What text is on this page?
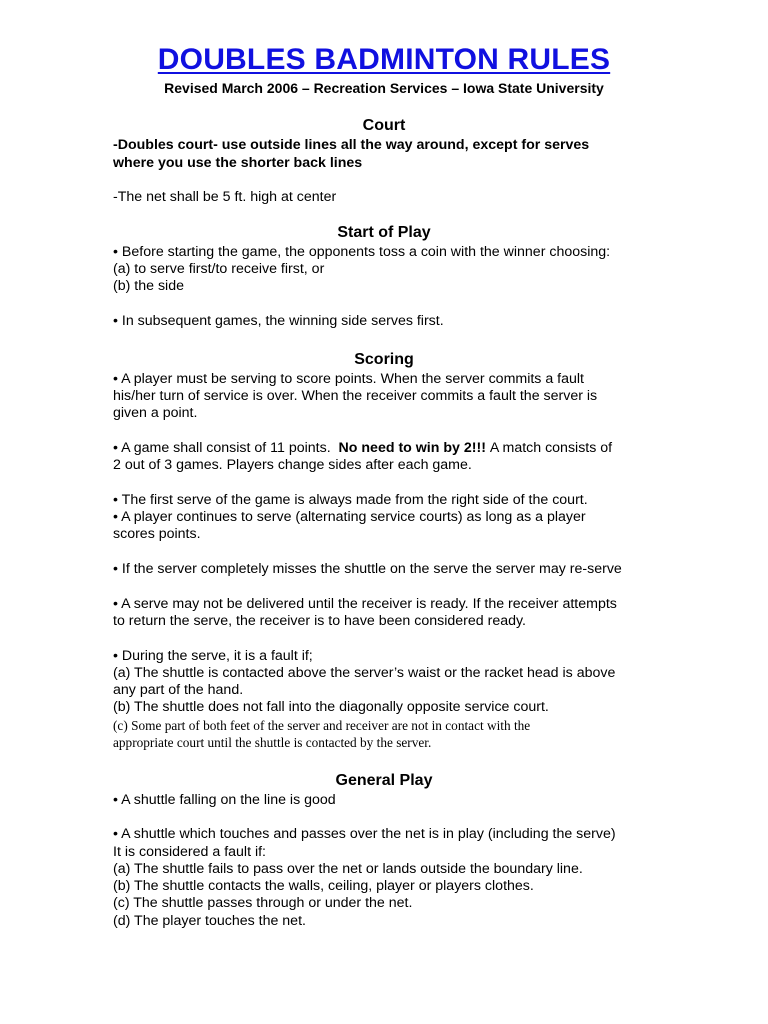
DOUBLES BADMINTON RULES
Revised March 2006 – Recreation Services – Iowa State University
Court
-Doubles court- use outside lines all the way around, except for serves
where you use the shorter back lines
-The net shall be 5 ft. high at center
Start of Play
• Before starting the game, the opponents toss a coin with the winner choosing:
(a) to serve first/to receive first, or
(b) the side
• In subsequent games, the winning side serves first.
Scoring
• A player must be serving to score points. When the server commits a fault
his/her turn of service is over. When the receiver commits a fault the server is
given a point.
• A game shall consist of 11 points. No need to win by 2!!! A match consists of
2 out of 3 games. Players change sides after each game.
• The first serve of the game is always made from the right side of the court.
• A player continues to serve (alternating service courts) as long as a player
scores points.
• If the server completely misses the shuttle on the serve the server may re-serve
• A serve may not be delivered until the receiver is ready. If the receiver attempts
to return the serve, the receiver is to have been considered ready.
• During the serve, it is a fault if;
(a) The shuttle is contacted above the server’s waist or the racket head is above
any part of the hand.
(b) The shuttle does not fall into the diagonally opposite service court.
(c) Some part of both feet of the server and receiver are not in contact with the
appropriate court until the shuttle is contacted by the server.
General Play
• A shuttle falling on the line is good
• A shuttle which touches and passes over the net is in play (including the serve)
It is considered a fault if:
(a) The shuttle fails to pass over the net or lands outside the boundary line.
(b) The shuttle contacts the walls, ceiling, player or players clothes.
(c) The shuttle passes through or under the net.
(d) The player touches the net.
